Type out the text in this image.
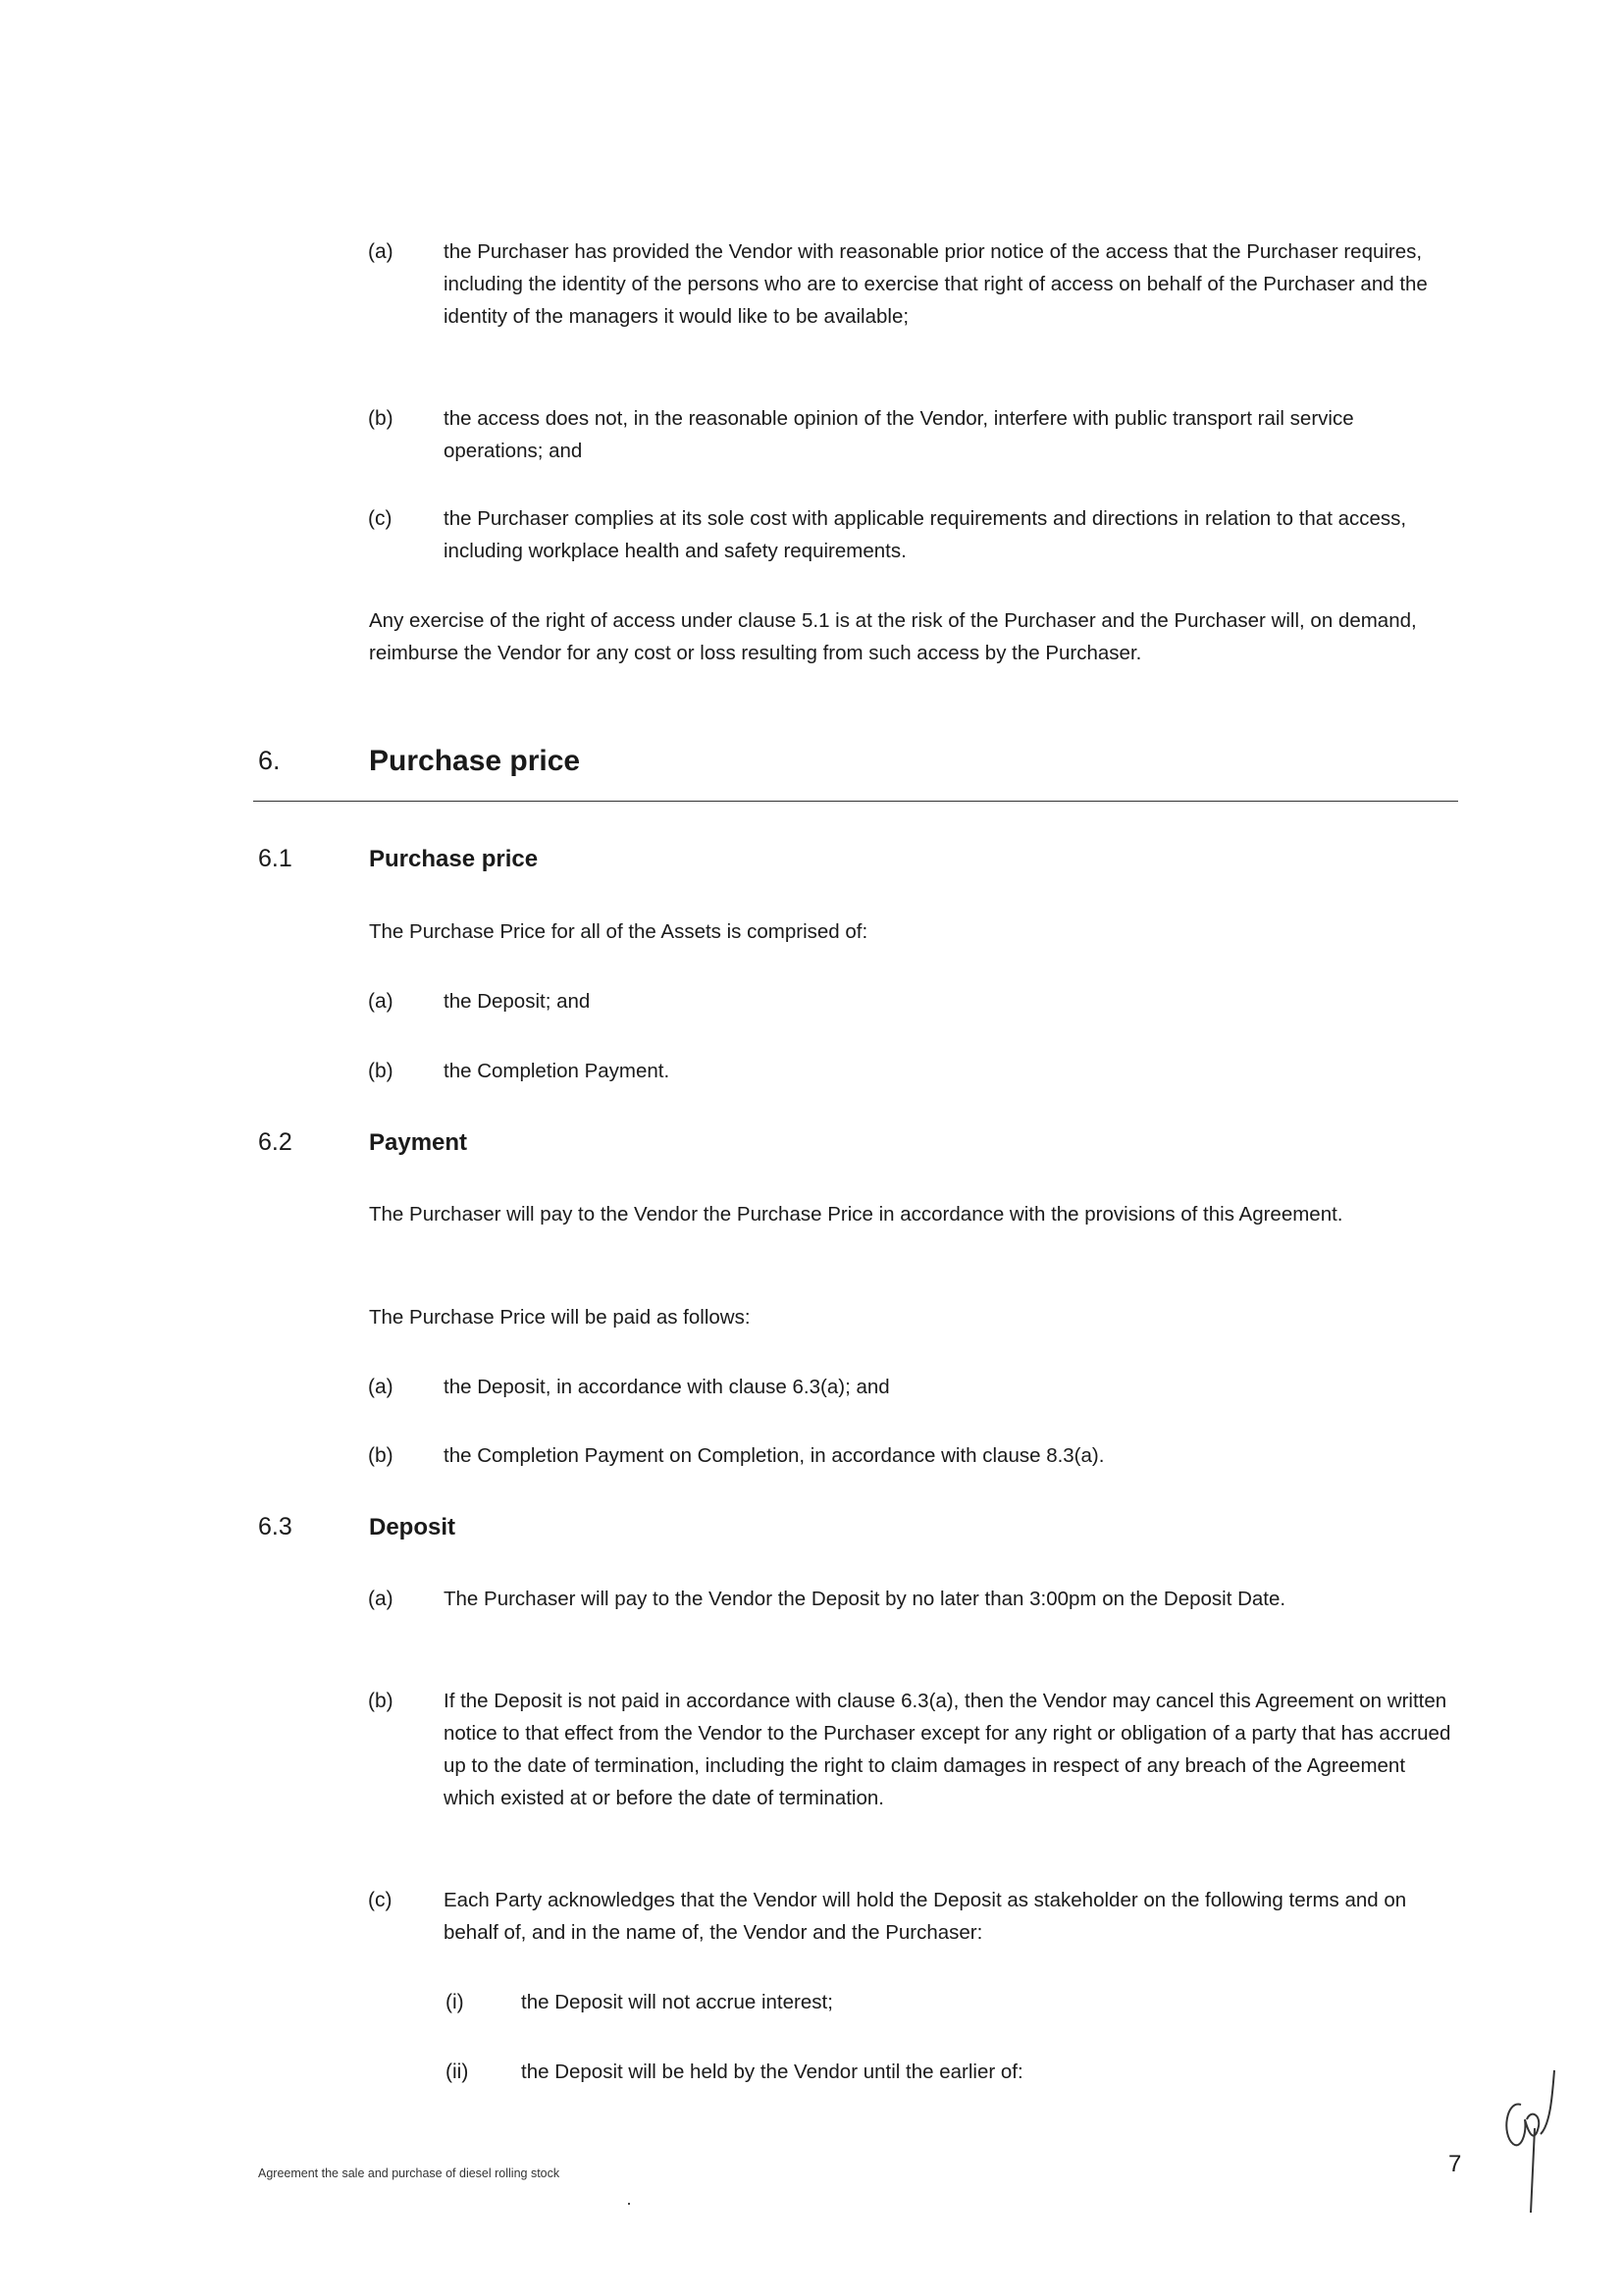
(a)	the Purchaser has provided the Vendor with reasonable prior notice of the access that the Purchaser requires, including the identity of the persons who are to exercise that right of access on behalf of the Purchaser and the identity of the managers it would like to be available;
(b)	the access does not, in the reasonable opinion of the Vendor, interfere with public transport rail service operations; and
(c)	the Purchaser complies at its sole cost with applicable requirements and directions in relation to that access, including workplace health and safety requirements.
Any exercise of the right of access under clause 5.1 is at the risk of the Purchaser and the Purchaser will, on demand, reimburse the Vendor for any cost or loss resulting from such access by the Purchaser.
6.	Purchase price
6.1	Purchase price
The Purchase Price for all of the Assets is comprised of:
(a)	the Deposit; and
(b)	the Completion Payment.
6.2	Payment
The Purchaser will pay to the Vendor the Purchase Price in accordance with the provisions of this Agreement.
The Purchase Price will be paid as follows:
(a)	the Deposit, in accordance with clause 6.3(a); and
(b)	the Completion Payment on Completion, in accordance with clause 8.3(a).
6.3	Deposit
(a)	The Purchaser will pay to the Vendor the Deposit by no later than 3:00pm on the Deposit Date.
(b)	If the Deposit is not paid in accordance with clause 6.3(a), then the Vendor may cancel this Agreement on written notice to that effect from the Vendor to the Purchaser except for any right or obligation of a party that has accrued up to the date of termination, including the right to claim damages in respect of any breach of the Agreement which existed at or before the date of termination.
(c)	Each Party acknowledges that the Vendor will hold the Deposit as stakeholder on the following terms and on behalf of, and in the name of, the Vendor and the Purchaser:
(i)	the Deposit will not accrue interest;
(ii)	the Deposit will be held by the Vendor until the earlier of:
Agreement the sale and purchase of diesel rolling stock	7
